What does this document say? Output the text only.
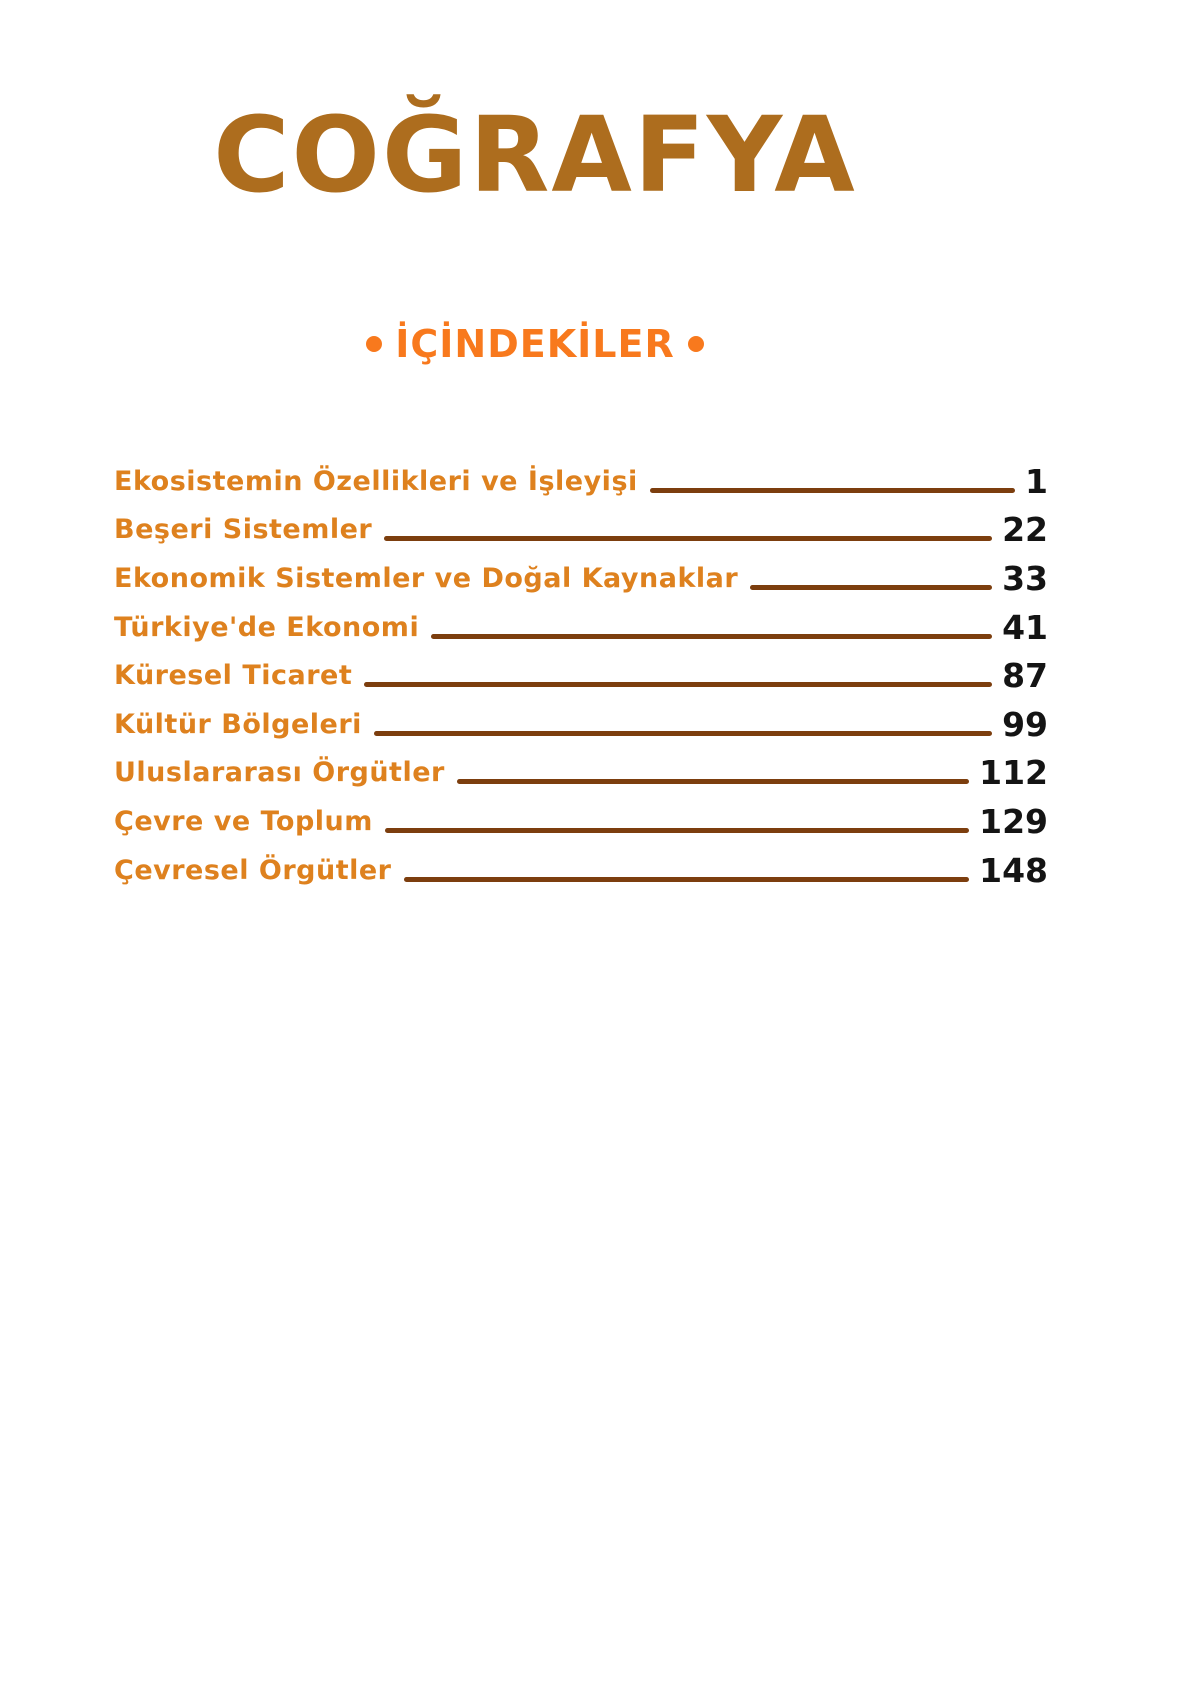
COĞRAFYA
İÇİNDEKİLER
Ekosistemin Özellikleri ve İşleyişi	1
Beşeri Sistemler	22
Ekonomik Sistemler ve Doğal Kaynaklar	33
Türkiye'de Ekonomi	41
Küresel Ticaret	87
Kültür Bölgeleri	99
Uluslararası Örgütler	112
Çevre ve Toplum	129
Çevresel Örgütler	148
